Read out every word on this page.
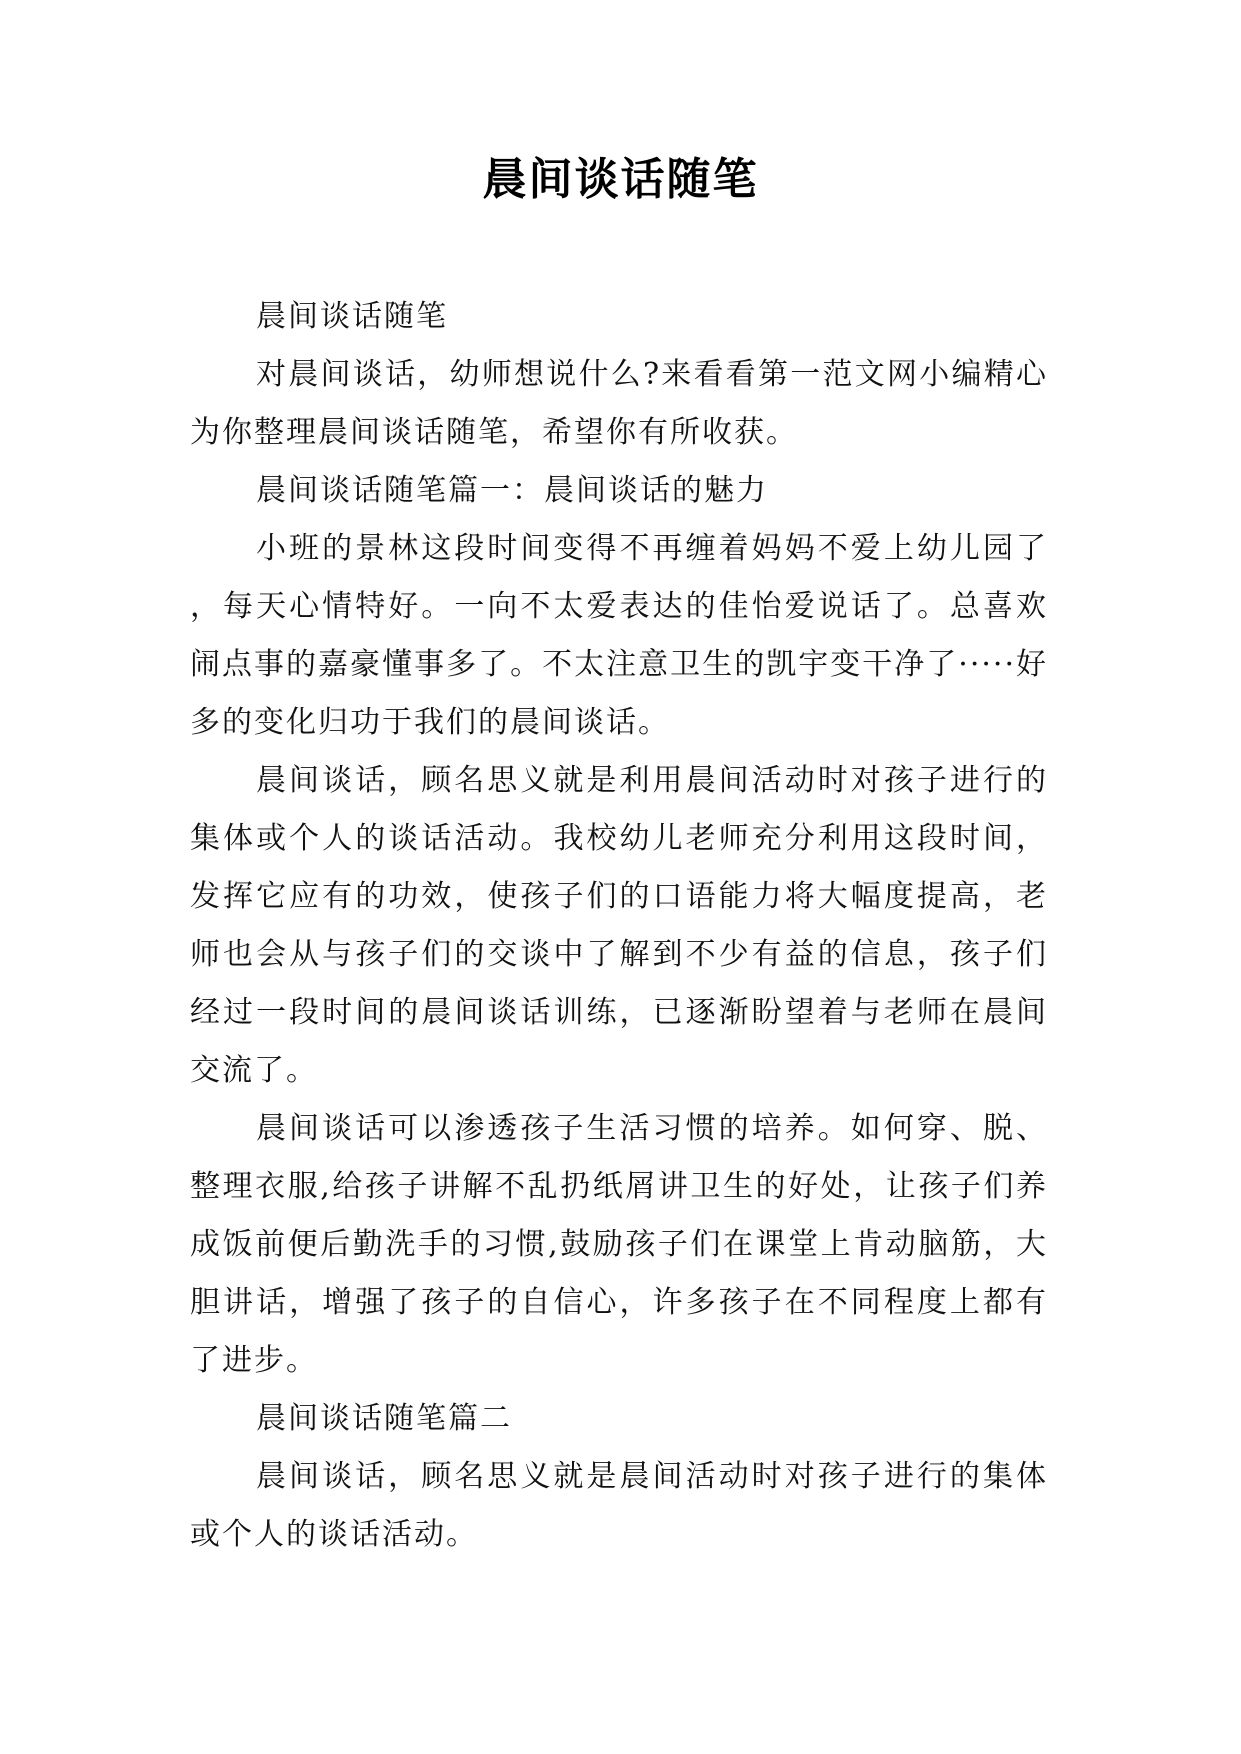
晨间谈话随笔

晨间谈话随笔

对晨间谈话，幼师想说什么?来看看第一范文网小编精心为你整理晨间谈话随笔，希望你有所收获。

晨间谈话随笔篇一：晨间谈话的魅力

小班的景林这段时间变得不再缠着妈妈不爱上幼儿园了，每天心情特好。一向不太爱表达的佳怡爱说话了。总喜欢闹点事的嘉豪懂事多了。不太注意卫生的凯宇变干净了·····好多的变化归功于我们的晨间谈话。

晨间谈话，顾名思义就是利用晨间活动时对孩子进行的集体或个人的谈话活动。我校幼儿老师充分利用这段时间，发挥它应有的功效，使孩子们的口语能力将大幅度提高，老师也会从与孩子们的交谈中了解到不少有益的信息，孩子们经过一段时间的晨间谈话训练，已逐渐盼望着与老师在晨间交流了。

晨间谈话可以渗透孩子生活习惯的培养。如何穿、脱、整理衣服,给孩子讲解不乱扔纸屑讲卫生的好处，让孩子们养成饭前便后勤洗手的习惯,鼓励孩子们在课堂上肯动脑筋，大胆讲话，增强了孩子的自信心，许多孩子在不同程度上都有了进步。

晨间谈话随笔篇二

晨间谈话，顾名思义就是晨间活动时对孩子进行的集体或个人的谈话活动。
